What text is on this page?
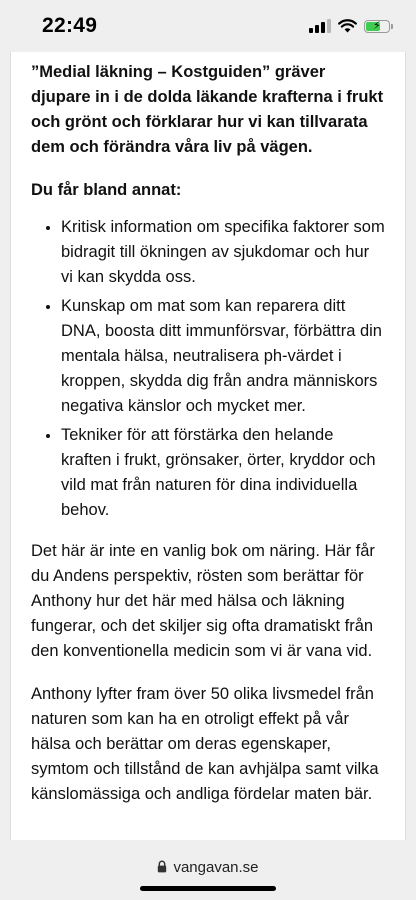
22:49	⚡

”Medial läkning – Kostguiden” gräver djupare in i de dolda läkande krafterna i frukt och grönt och förklarar hur vi kan tillvarata dem och förändra våra liv på vägen.

Du får bland annat:

• Kritisk information om specifika faktorer som bidragit till ökningen av sjukdomar och hur vi kan skydda oss.
• Kunskap om mat som kan reparera ditt DNA, boosta ditt immunförsvar, förbättra din mentala hälsa, neutralisera ph-värdet i kroppen, skydda dig från andra människors negativa känslor och mycket mer.
• Tekniker för att förstärka den helande kraften i frukt, grönsaker, örter, kryddor och vild mat från naturen för dina individuella behov.

Det här är inte en vanlig bok om näring. Här får du Andens perspektiv, rösten som berättar för Anthony hur det här med hälsa och läkning fungerar, och det skiljer sig ofta dramatiskt från den konventionella medicin som vi är vana vid.

Anthony lyfter fram över 50 olika livsmedel från naturen som kan ha en otroligt effekt på vår hälsa och berättar om deras egenskaper, symtom och tillstånd de kan avhjälpa samt vilka känslomässiga och andliga fördelar maten bär.

vangavan.se
